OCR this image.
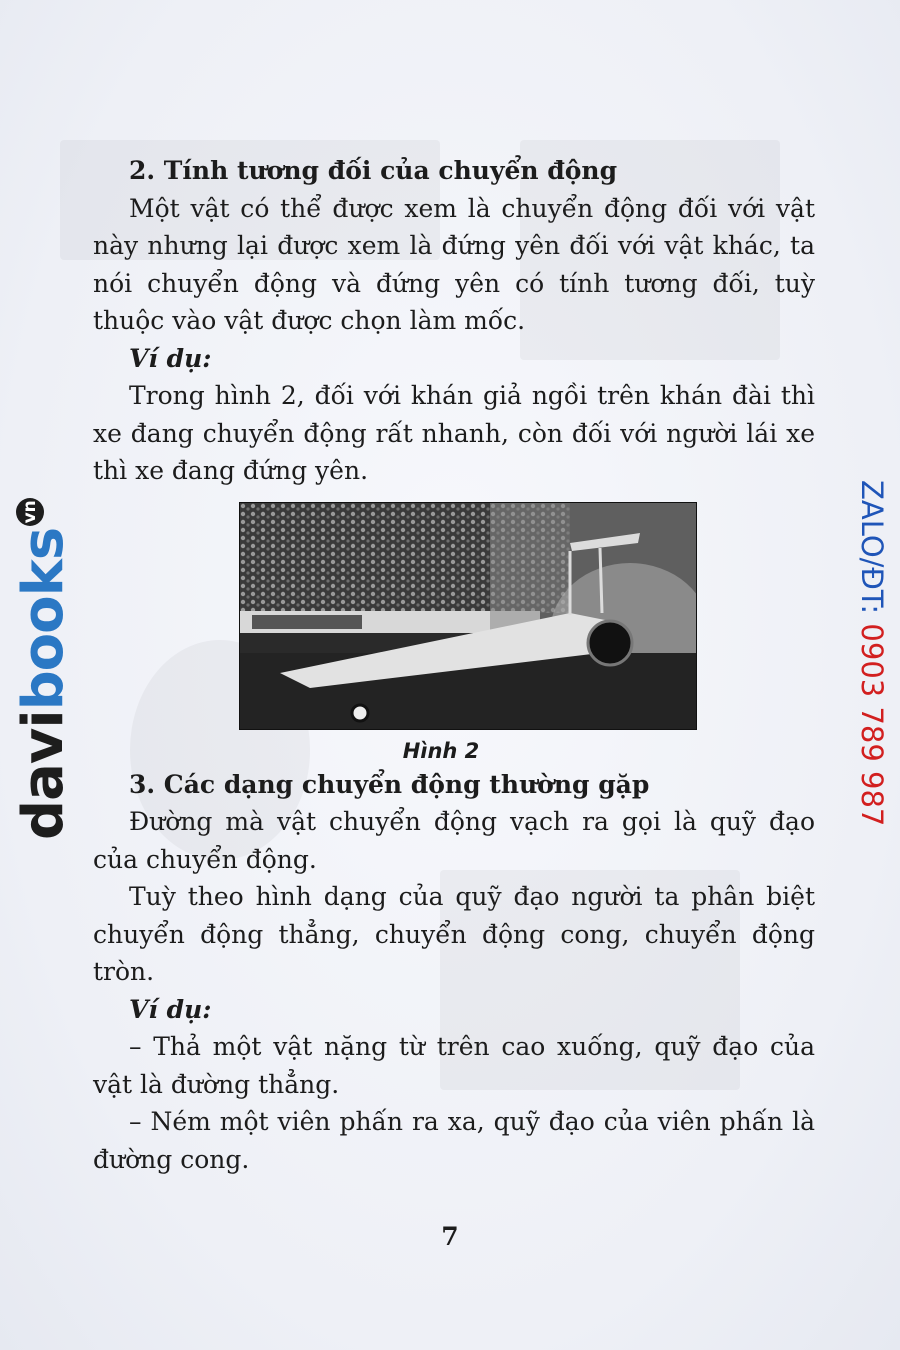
2. Tính tương đối của chuyển động
Một vật có thể được xem là chuyển động đối với vật này nhưng lại được xem là đứng yên đối với vật khác, ta nói chuyển động và đứng yên có tính tương đối, tuỳ thuộc vào vật được chọn làm mốc.
Ví dụ:
Trong hình 2, đối với khán giả ngồi trên khán đài thì xe đang chuyển động rất nhanh, còn đối với người lái xe thì xe đang đứng yên.
Hình 2
3. Các dạng chuyển động thường gặp
Đường mà vật chuyển động vạch ra gọi là quỹ đạo của chuyển động.
Tuỳ theo hình dạng của quỹ đạo người ta phân biệt chuyển động thẳng, chuyển động cong, chuyển động tròn.
Ví dụ:
– Thả một vật nặng từ trên cao xuống, quỹ đạo của vật là đường thẳng.
– Ném một viên phấn ra xa, quỹ đạo của viên phấn là đường cong.
7
davibooksvn	ZALO/ĐT: 0903 789 987
